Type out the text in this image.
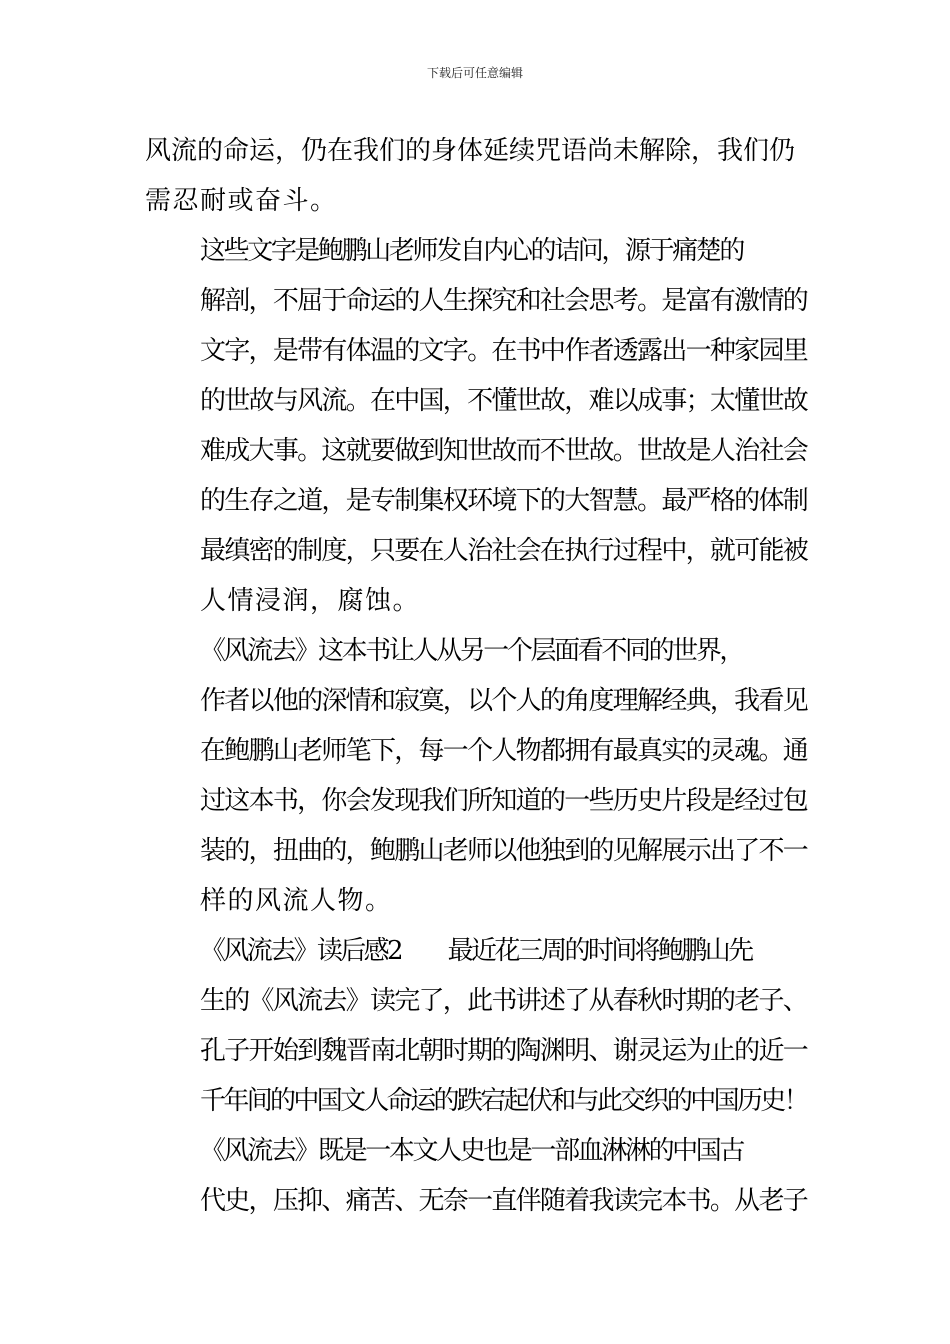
下载后可任意编辑

风流的命运，仍在我们的身体延续咒语尚未解除，我们仍
需忍耐或奋斗。

这些文字是鲍鹏山老师发自内心的诘问，源于痛楚的
解剖，不屈于命运的人生探究和社会思考。是富有激情的
文字，是带有体温的文字。在书中作者透露出一种家园里
的世故与风流。在中国，不懂世故，难以成事；太懂世故
难成大事。这就要做到知世故而不世故。世故是人治社会
的生存之道，是专制集权环境下的大智慧。最严格的体制
最缜密的制度，只要在人治社会在执行过程中，就可能被
人情浸润，腐蚀。

《风流去》这本书让人从另一个层面看不同的世界，
作者以他的深情和寂寞，以个人的角度理解经典，我看见
在鲍鹏山老师笔下，每一个人物都拥有最真实的灵魂。通
过这本书，你会发现我们所知道的一些历史片段是经过包
装的，扭曲的，鲍鹏山老师以他独到的见解展示出了不一
样的风流人物。

《风流去》读后感2　　最近花三周的时间将鲍鹏山先
生的《风流去》读完了，此书讲述了从春秋时期的老子、
孔子开始到魏晋南北朝时期的陶渊明、谢灵运为止的近一
千年间的中国文人命运的跌宕起伏和与此交织的中国历史！

《风流去》既是一本文人史也是一部血淋淋的中国古
代史，压抑、痛苦、无奈一直伴随着我读完本书。从老子
